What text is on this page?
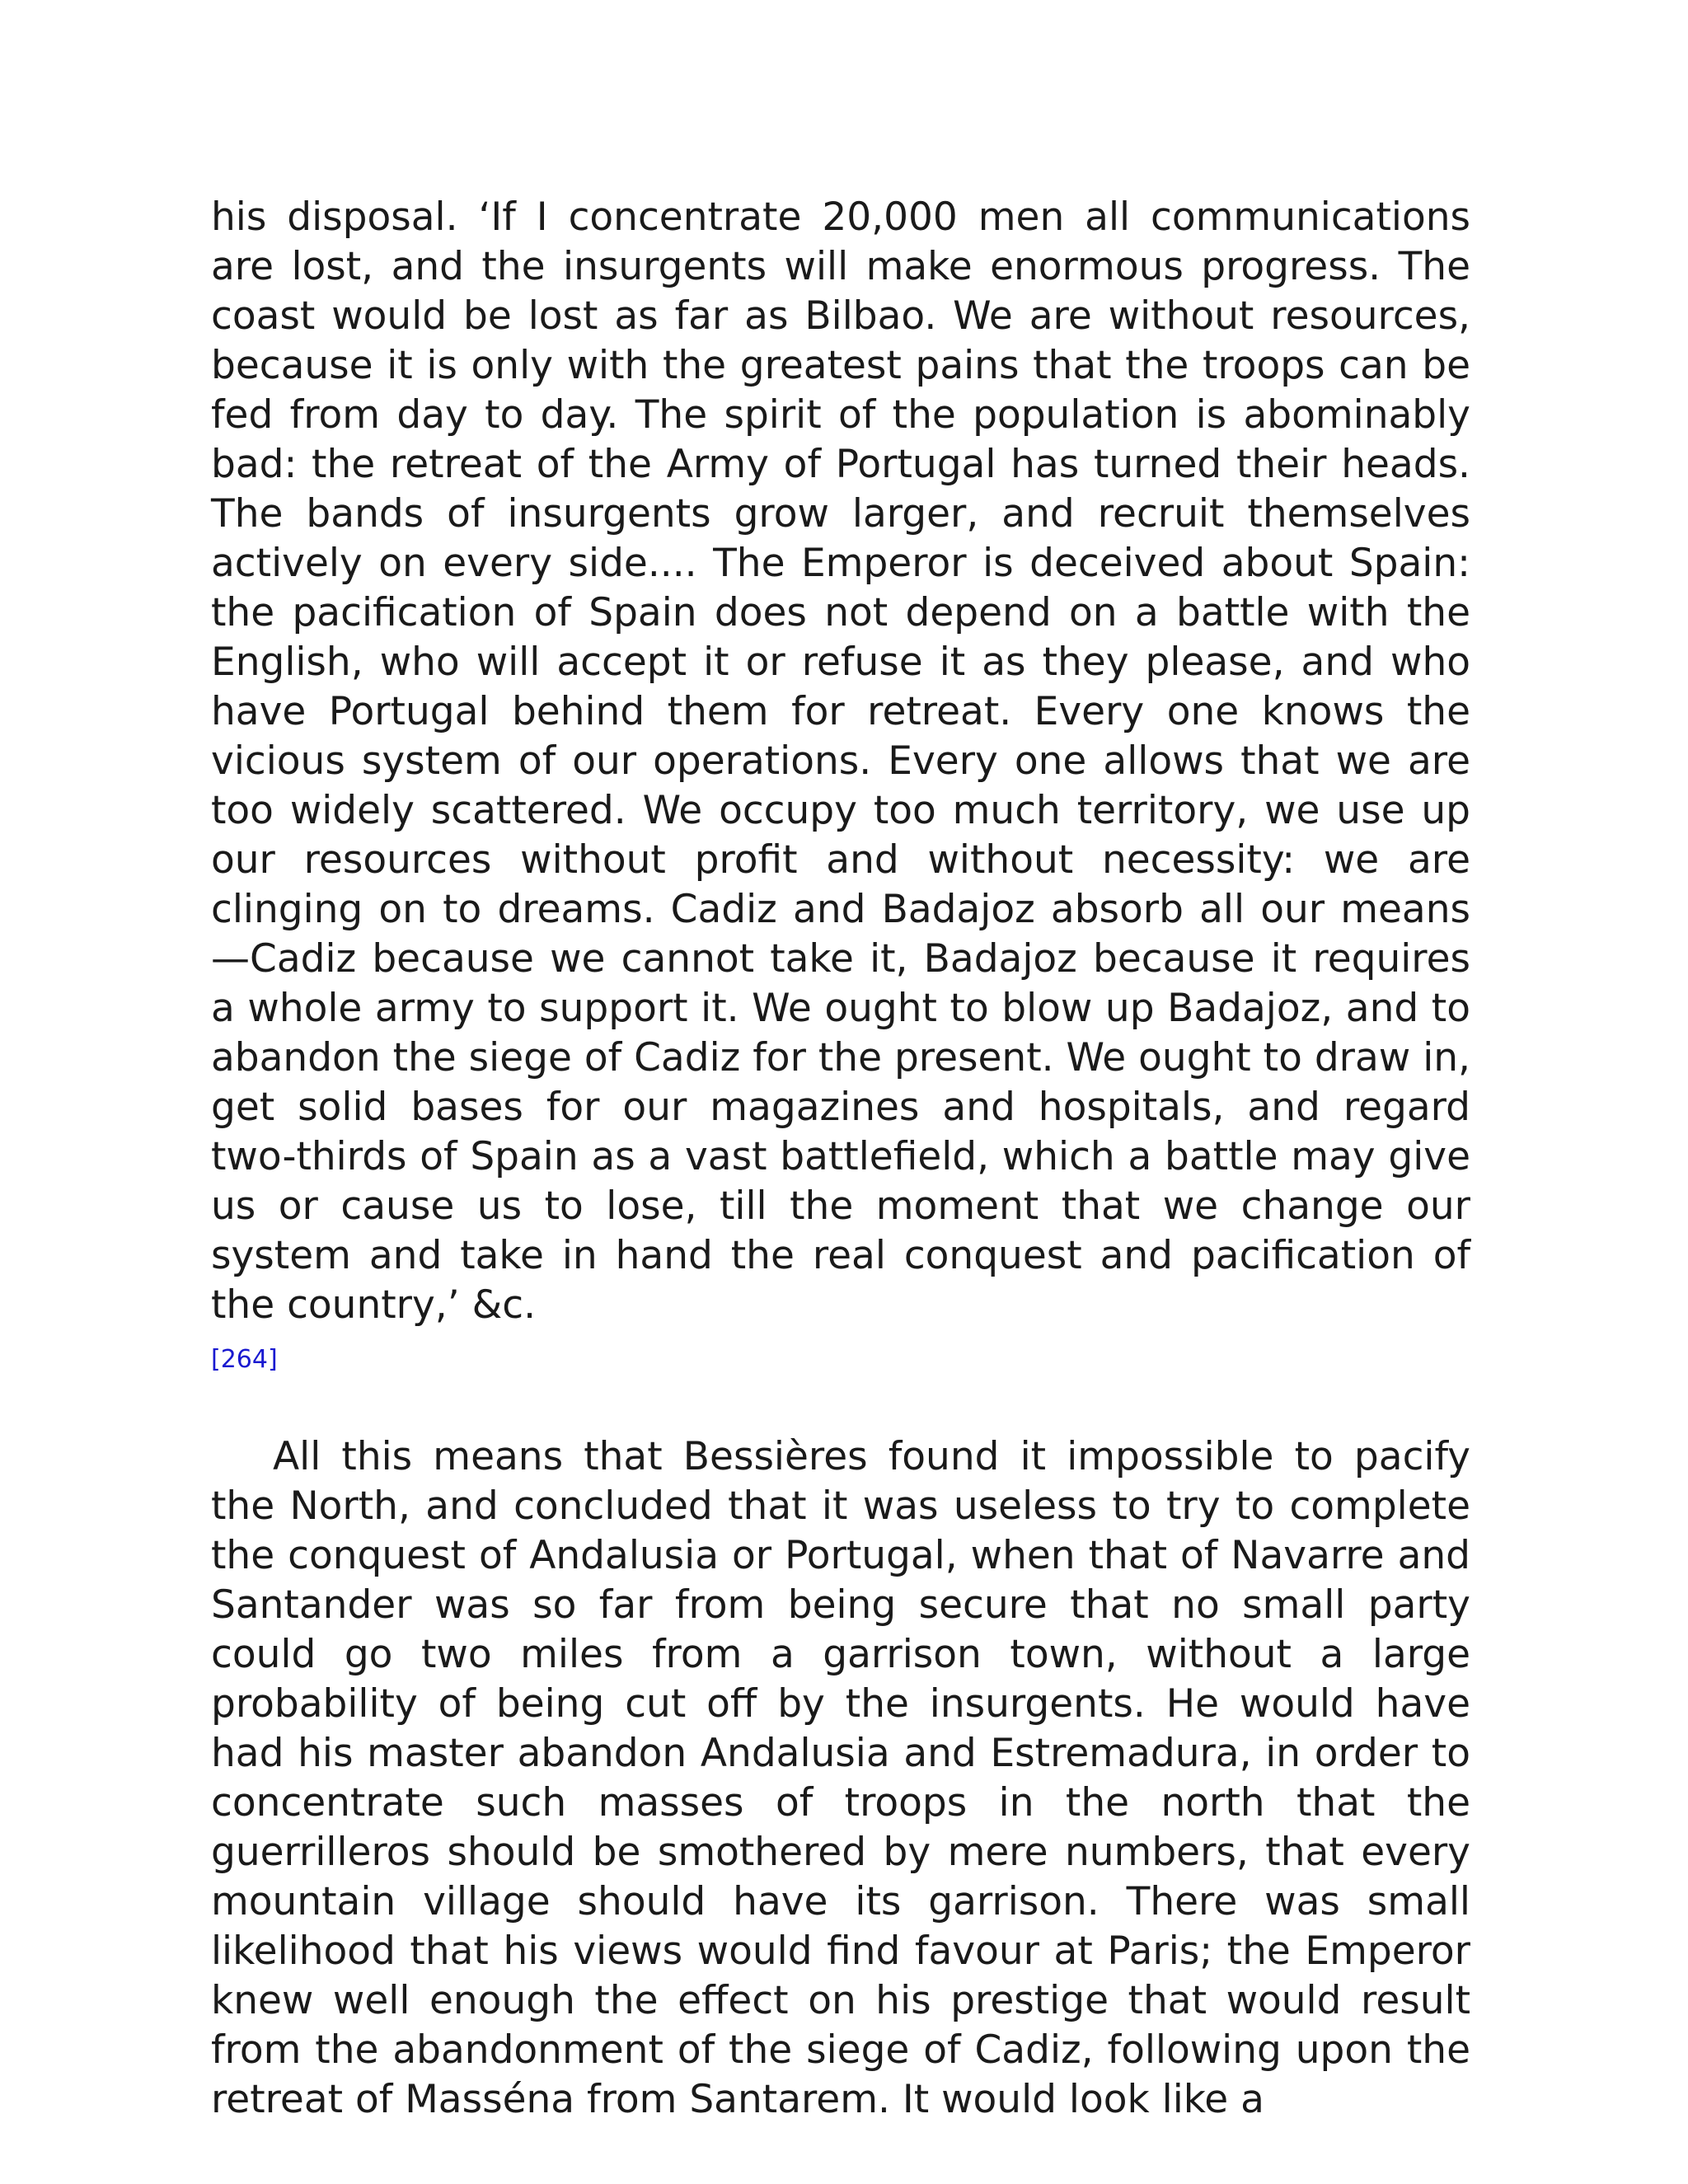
his disposal. ‘If I concentrate 20,000 men all communications are lost, and the insurgents will make enormous progress. The coast would be lost as far as Bilbao. We are without resources, because it is only with the greatest pains that the troops can be fed from day to day. The spirit of the population is abominably bad: the retreat of the Army of Portugal has turned their heads. The bands of insurgents grow larger, and recruit themselves actively on every side.... The Emperor is deceived about Spain: the pacification of Spain does not depend on a battle with the English, who will accept it or refuse it as they please, and who have Portugal behind them for retreat. Every one knows the vicious system of our operations. Every one allows that we are too widely scattered. We occupy too much territory, we use up our resources without profit and without necessity: we are clinging on to dreams. Cadiz and Badajoz absorb all our means—Cadiz because we cannot take it, Badajoz because it requires a whole army to support it. We ought to blow up Badajoz, and to abandon the siege of Cadiz for the present. We ought to draw in, get solid bases for our magazines and hospitals, and regard two-thirds of Spain as a vast battlefield, which a battle may give us or cause us to lose, till the moment that we change our system and take in hand the real conquest and pacification of the country,’ &c.

[264]

All this means that Bessières found it impossible to pacify the North, and concluded that it was useless to try to complete the conquest of Andalusia or Portugal, when that of Navarre and Santander was so far from being secure that no small party could go two miles from a garrison town, without a large probability of being cut off by the insurgents. He would have had his master abandon Andalusia and Estremadura, in order to concentrate such masses of troops in the north that the guerrilleros should be smothered by mere numbers, that every mountain village should have its garrison. There was small likelihood that his views would find favour at Paris; the Emperor knew well enough the effect on his prestige that would result from the abandonment of the siege of Cadiz, following upon the retreat of Masséna from Santarem. It would look like a
